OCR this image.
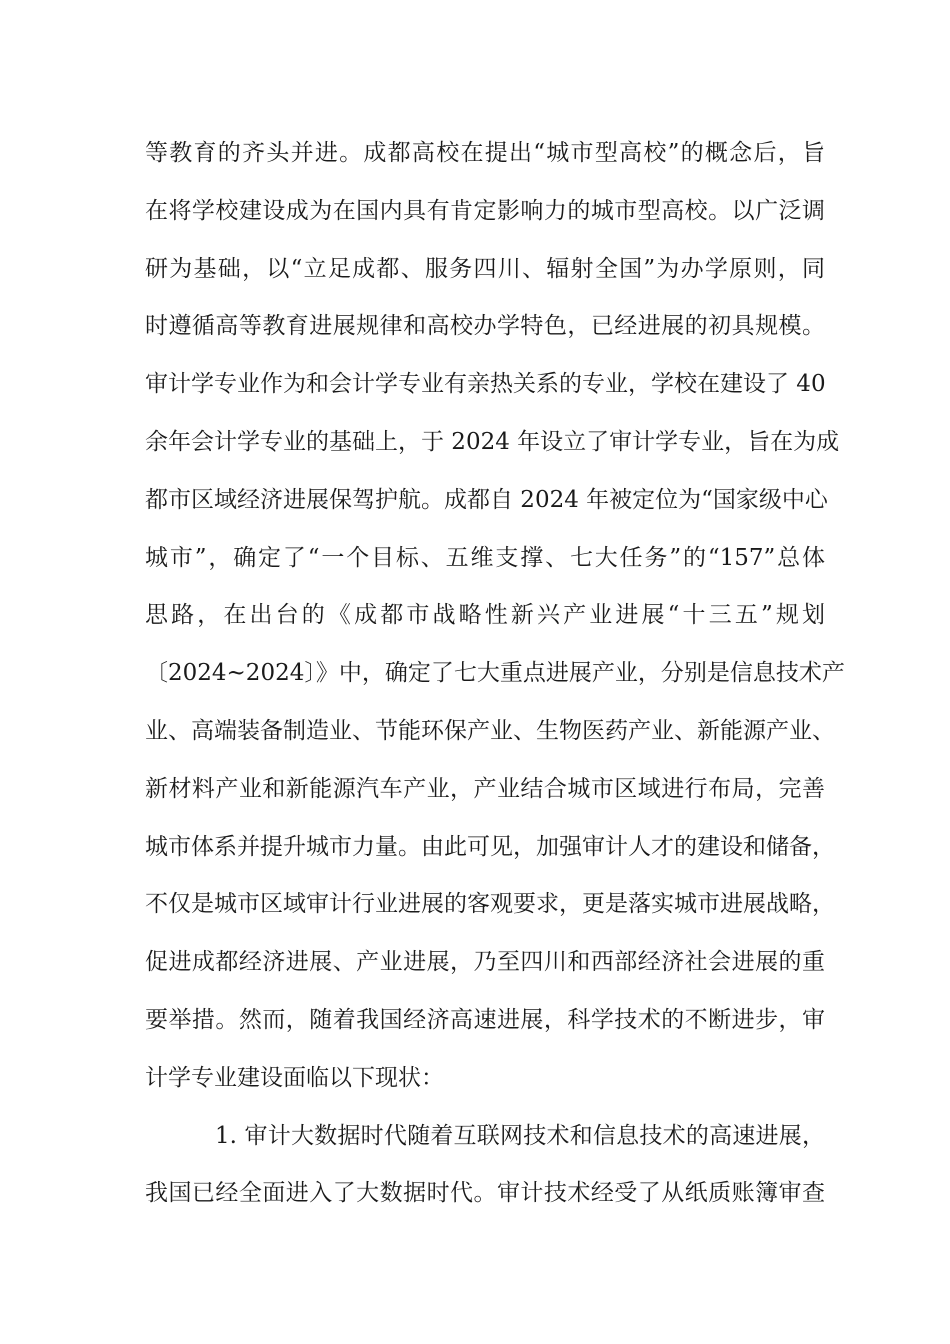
等教育的齐头并进。成都高校在提出“城市型高校”的概念后，旨
在将学校建设成为在国内具有肯定影响力的城市型高校。以广泛调
研为基础，以“立足成都、服务四川、辐射全国”为办学原则，同
时遵循高等教育进展规律和高校办学特色，已经进展的初具规模。
审计学专业作为和会计学专业有亲热关系的专业，学校在建设了 40
余年会计学专业的基础上，于 2024 年设立了审计学专业，旨在为成
都市区域经济进展保驾护航。成都自 2024 年被定位为“国家级中心
城市”，确定了“一个目标、五维支撑、七大任务”的“157”总体
思路，在出台的《成都市战略性新兴产业进展“十三五”规划
〔2024~2024〕》中，确定了七大重点进展产业，分别是信息技术产
业、高端装备制造业、节能环保产业、生物医药产业、新能源产业、
新材料产业和新能源汽车产业，产业结合城市区域进行布局，完善
城市体系并提升城市力量。由此可见，加强审计人才的建设和储备，
不仅是城市区域审计行业进展的客观要求，更是落实城市进展战略，
促进成都经济进展、产业进展，乃至四川和西部经济社会进展的重
要举措。然而，随着我国经济高速进展，科学技术的不断进步，审
计学专业建设面临以下现状：
1. 审计大数据时代随着互联网技术和信息技术的高速进展，
我国已经全面进入了大数据时代。审计技术经受了从纸质账簿审查
